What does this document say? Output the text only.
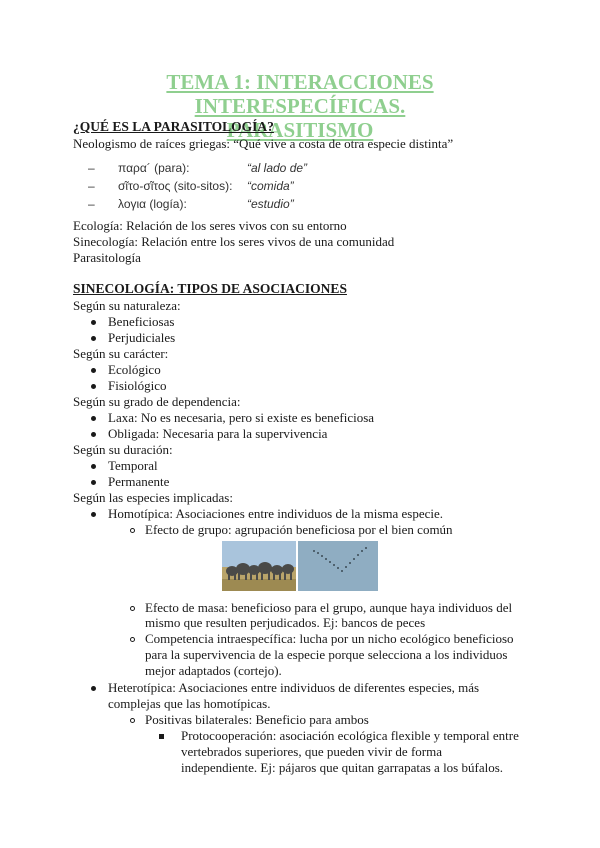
TEMA 1: INTERACCIONES INTERESPECÍFICAS.
PARASITISMO
¿QUÉ ES LA PARASITOLOGÍA?
Neologismo de raíces griegas: “Qué vive a costa de otra especie distinta”
– παρα´ (para):	“al lado de”
– σῖτο-σῖτος (sito-sitos): “comida”
– λογια (logía):	“estudio”
Ecología: Relación de los seres vivos con su entorno
Sinecología: Relación entre los seres vivos de una comunidad
Parasitología
SINECOLOGÍA: TIPOS DE ASOCIACIONES
Según su naturaleza:
Beneficiosas
Perjudiciales
Según su carácter:
Ecológico
Fisiológico
Según su grado de dependencia:
Laxa: No es necesaria, pero si existe es beneficiosa
Obligada: Necesaria para la supervivencia
Según su duración:
Temporal
Permanente
Según las especies implicadas:
Homotípica: Asociaciones entre individuos de la misma especie.
Efecto de grupo: agrupación beneficiosa por el bien común
Efecto de masa: beneficioso para el grupo, aunque haya individuos del
mismo que resulten perjudicados. Ej: bancos de peces
Competencia intraespecífica: lucha por un nicho ecológico beneficioso
para la supervivencia de la especie porque selecciona a los individuos
mejor adaptados (cortejo).
Heterotípica: Asociaciones entre individuos de diferentes especies, más
complejas que las homotípicas.
Positivas bilaterales: Beneficio para ambos
Protocooperación: asociación ecológica flexible y temporal entre
vertebrados superiores, que pueden vivir de forma
independiente. Ej: pájaros que quitan garrapatas a los búfalos.
